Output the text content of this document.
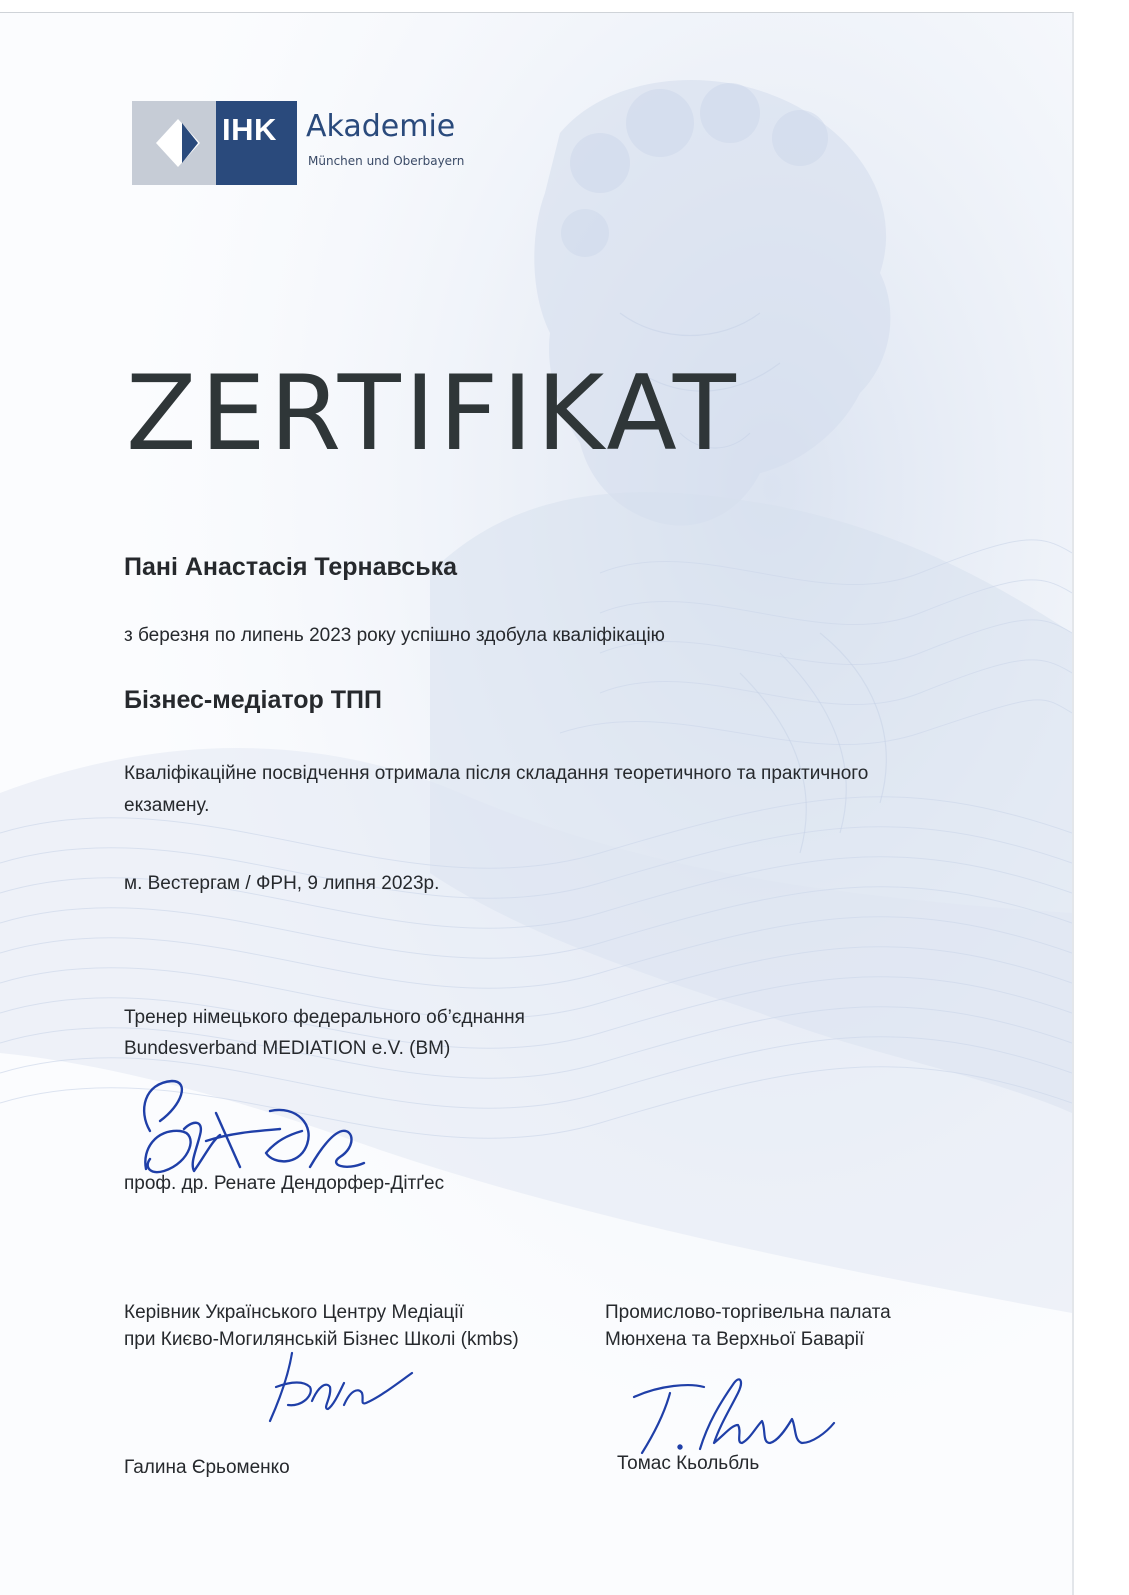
IHK Akademie
München und Oberbayern
ZERTIFIKAT
Пані Анастасія Тернавська
з березня по липень 2023 року успішно здобула кваліфікацію
Бізнес-медіатор ТПП
Кваліфікаційне посвідчення отримала після складання теоретичного та практичного екзамену.
м. Вестергам / ФРН, 9 липня 2023р.
Тренер німецького федерального об’єднання
Bundesverband MEDIATION e.V. (BM)
проф. др. Ренате Дендорфер-Дітґес
Керівник Українського Центру Медіації
при Києво-Могилянській Бізнес Школі (kmbs)
Промислово-торгівельна палата
Мюнхена та Верхньої Баварії
Галина Єрьоменко	Томас Кьольбль
